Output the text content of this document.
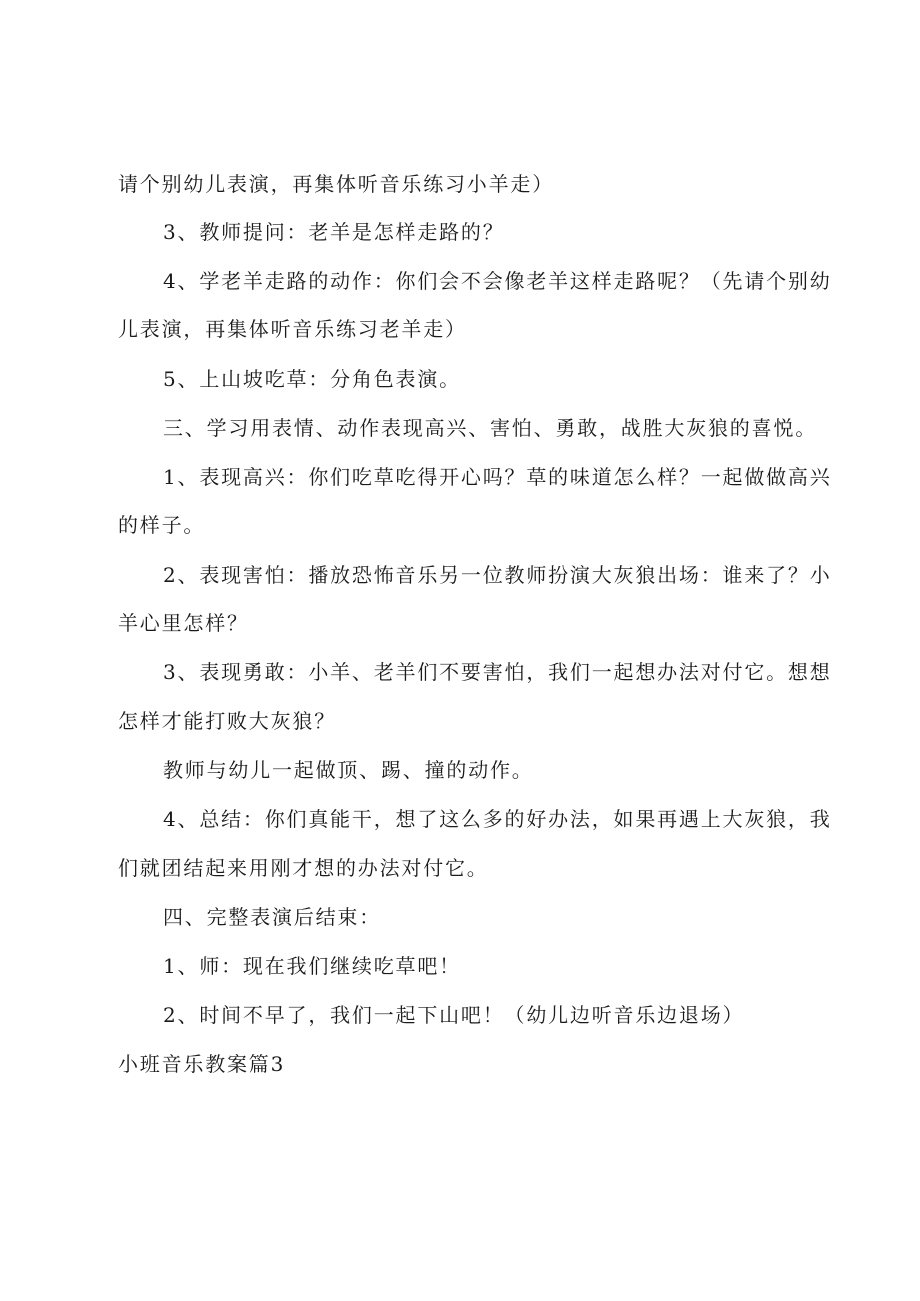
请个别幼儿表演，再集体听音乐练习小羊走）
3、教师提问：老羊是怎样走路的？
4、学老羊走路的动作：你们会不会像老羊这样走路呢？（先请个别幼
儿表演，再集体听音乐练习老羊走）
5、上山坡吃草：分角色表演。
三、学习用表情、动作表现高兴、害怕、勇敢，战胜大灰狼的喜悦。
1、表现高兴：你们吃草吃得开心吗？草的味道怎么样？一起做做高兴
的样子。
2、表现害怕：播放恐怖音乐另一位教师扮演大灰狼出场：谁来了？小
羊心里怎样？
3、表现勇敢：小羊、老羊们不要害怕，我们一起想办法对付它。想想
怎样才能打败大灰狼？
教师与幼儿一起做顶、踢、撞的动作。
4、总结：你们真能干，想了这么多的好办法，如果再遇上大灰狼，我
们就团结起来用刚才想的办法对付它。
四、完整表演后结束：
1、师：现在我们继续吃草吧！
2、时间不早了，我们一起下山吧！（幼儿边听音乐边退场）
小班音乐教案篇3
